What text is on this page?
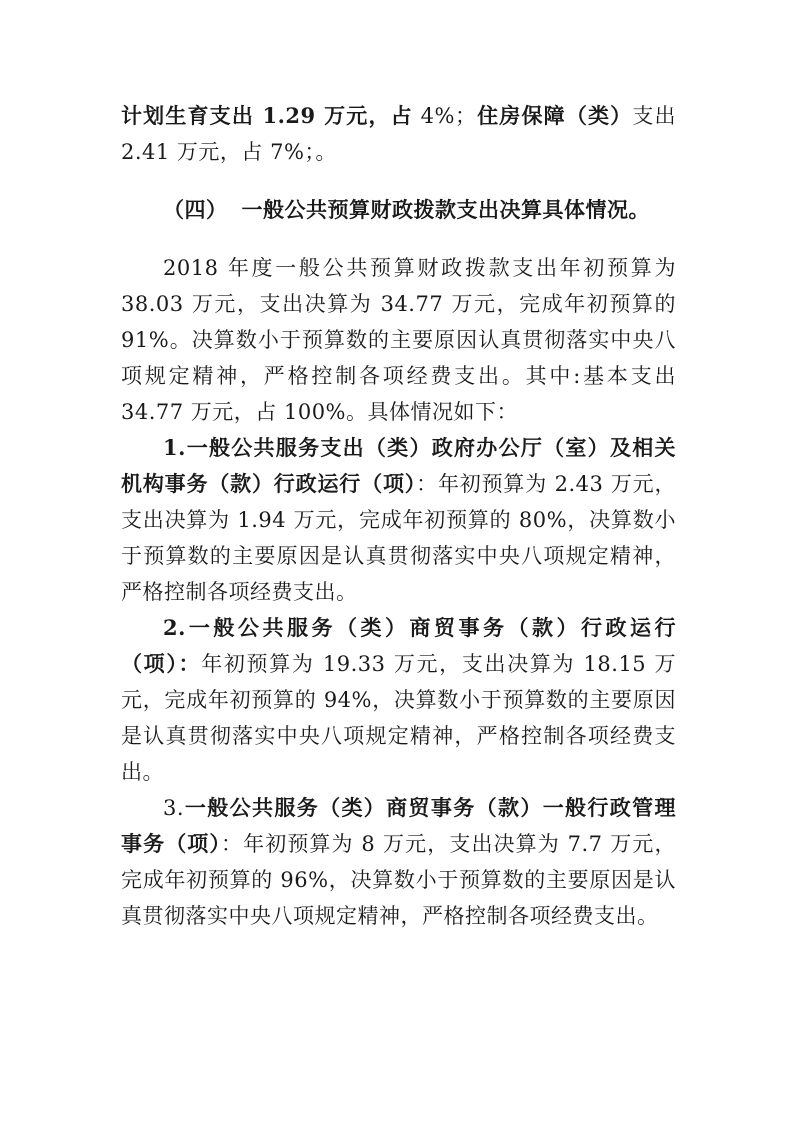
计划生育支出 1.29 万元，占 4%；住房保障（类）支出 2.41 万元，占 7%；。

（四） 一般公共预算财政拨款支出决算具体情况。

2018 年度一般公共预算财政拨款支出年初预算为 38.03 万元，支出决算为 34.77 万元，完成年初预算的 91%。决算数小于预算数的主要原因认真贯彻落实中央八项规定精神，严格控制各项经费支出。其中:基本支出 34.77 万元，占 100%。具体情况如下：

1.一般公共服务支出（类）政府办公厅（室）及相关机构事务（款）行政运行（项）：年初预算为 2.43 万元，支出决算为 1.94 万元，完成年初预算的 80%，决算数小于预算数的主要原因是认真贯彻落实中央八项规定精神，严格控制各项经费支出。

2.一般公共服务（类）商贸事务（款）行政运行（项）：年初预算为 19.33 万元，支出决算为 18.15 万元，完成年初预算的 94%，决算数小于预算数的主要原因是认真贯彻落实中央八项规定精神，严格控制各项经费支出。

3.一般公共服务（类）商贸事务（款）一般行政管理事务（项）：年初预算为 8 万元，支出决算为 7.7 万元，完成年初预算的 96%，决算数小于预算数的主要原因是认真贯彻落实中央八项规定精神，严格控制各项经费支出。
